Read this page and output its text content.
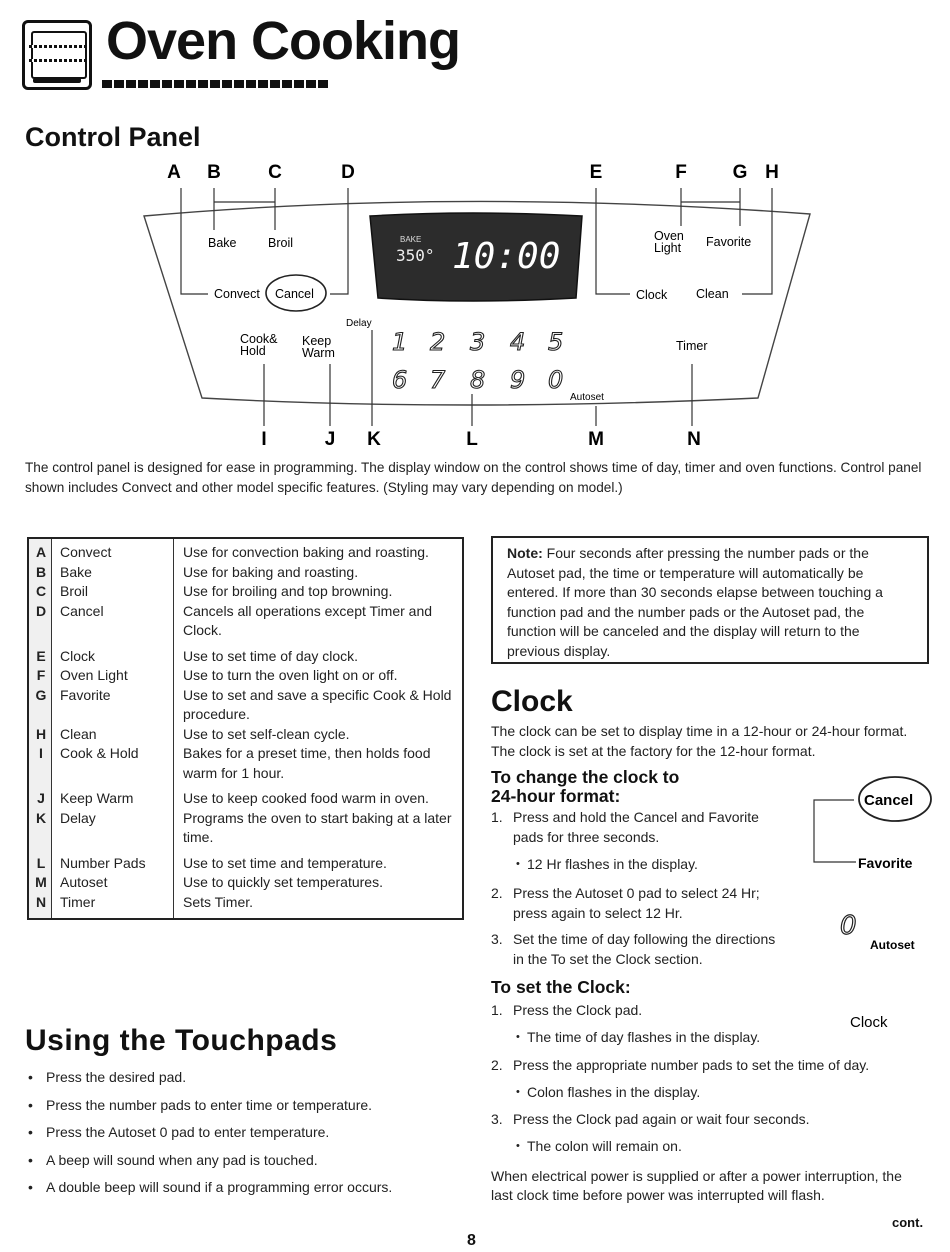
Oven Cooking
Control Panel
A B C	D	E	F G H
Bake	Broil
Convect Cancel
Cook&
Hold
Keep
Warm
Delay
BAKE
350° 10:00
1 2 3 4 5
6 7 8 9 0
Autoset
Oven
Light Favorite
Clock Clean
Timer
I	J K	L	M	N
The control panel is designed for ease in programming. The display window on the control shows time of day, timer and oven functions. Control panel shown includes Convect and other model specific features. (Styling may vary depending on model.)
A	Convect	Use for convection baking and roasting.
B	Bake	Use for baking and roasting.
C	Broil	Use for broiling and top browning.
D	Cancel	Cancels all operations except Timer and Clock.
E	Clock	Use to set time of day clock.
F	Oven Light	Use to turn the oven light on or off.
G	Favorite	Use to set and save a specific Cook & Hold procedure.
H	Clean	Use to set self-clean cycle.
I	Cook & Hold	Bakes for a preset time, then holds food warm for 1 hour.
J	Keep Warm	Use to keep cooked food warm in oven.
K	Delay	Programs the oven to start baking at a later time.
L	Number Pads	Use to set time and temperature.
M	Autoset	Use to quickly set temperatures.
N	Timer	Sets Timer.
Using the Touchpads
• Press the desired pad.
• Press the number pads to enter time or temperature.
• Press the Autoset 0 pad to enter temperature.
• A beep will sound when any pad is touched.
• A double beep will sound if a programming error occurs.
Note: Four seconds after pressing the number pads or the Autoset pad, the time or temperature will automatically be entered. If more than 30 seconds elapse between touching a function pad and the number pads or the Autoset pad, the function will be canceled and the display will return to the previous display.
Clock
The clock can be set to display time in a 12-hour or 24-hour format. The clock is set at the factory for the 12-hour format.
To change the clock to
24-hour format:
1. Press and hold the Cancel and Favorite
pads for three seconds.
• 12 Hr flashes in the display.
2. Press the Autoset 0 pad to select 24 Hr;
press again to select 12 Hr.
3. Set the time of day following the directions
in the To set the Clock section.
Cancel
Favorite
0
Autoset
Clock
To set the Clock:
1. Press the Clock pad.
• The time of day flashes in the display.
2. Press the appropriate number pads to set the time of day.
• Colon flashes in the display.
3. Press the Clock pad again or wait four seconds.
• The colon will remain on.
When electrical power is supplied or after a power interruption, the last clock time before power was interrupted will flash.
cont.
8
